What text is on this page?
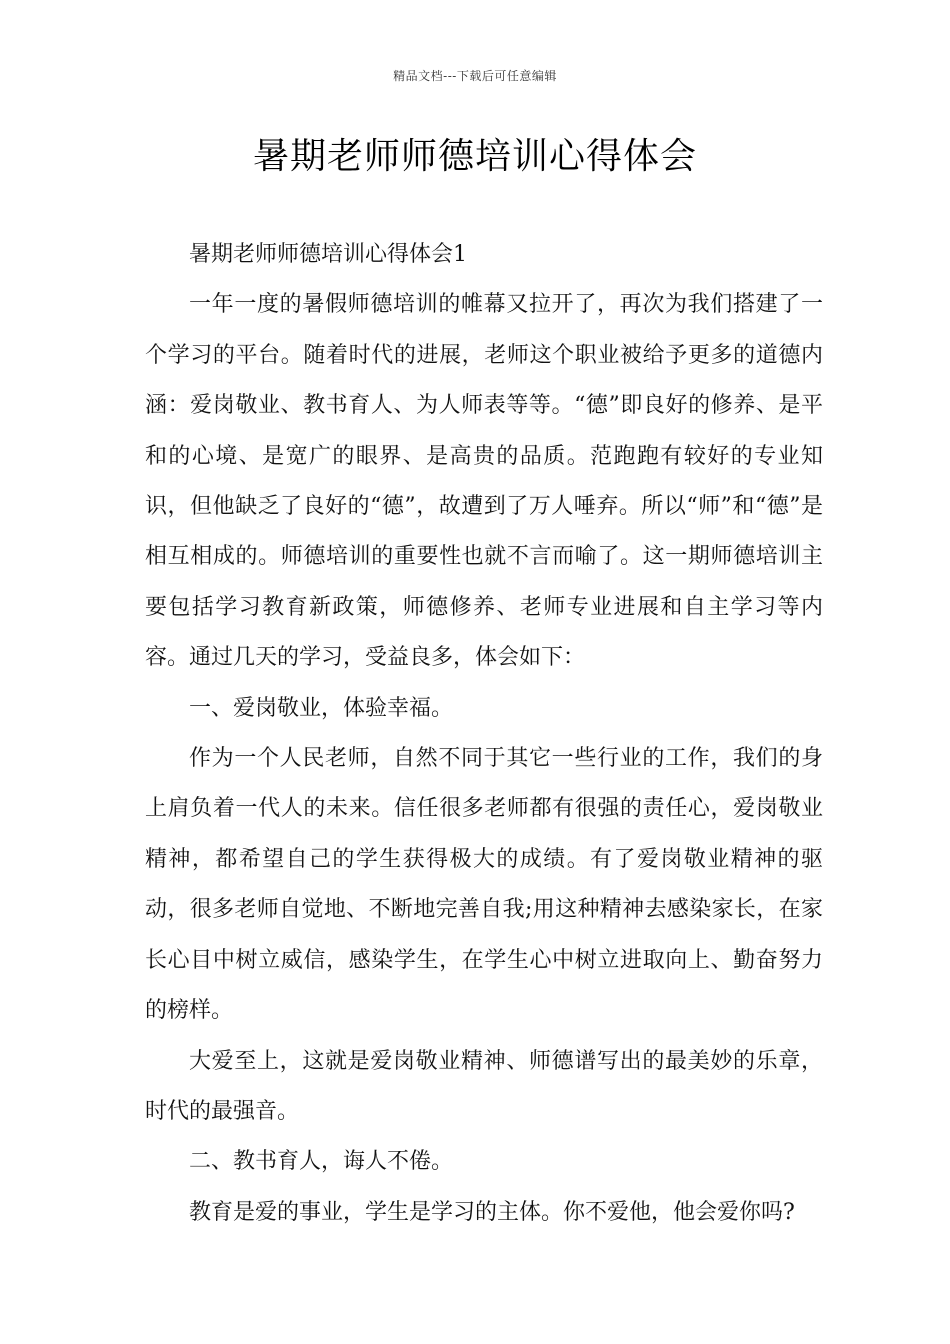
精品文档---下载后可任意编辑
暑期老师师德培训心得体会

暑期老师师德培训心得体会1

一年一度的暑假师德培训的帷幕又拉开了，再次为我们搭建了一个学习的平台。随着时代的进展，老师这个职业被给予更多的道德内涵：爱岗敬业、教书育人、为人师表等等。“德”即良好的修养、是平和的心境、是宽广的眼界、是高贵的品质。范跑跑有较好的专业知识，但他缺乏了良好的“德”，故遭到了万人唾弃。所以“师”和“德”是相互相成的。师德培训的重要性也就不言而喻了。这一期师德培训主要包括学习教育新政策，师德修养、老师专业进展和自主学习等内容。通过几天的学习，受益良多，体会如下：

一、爱岗敬业，体验幸福。

作为一个人民老师，自然不同于其它一些行业的工作，我们的身上肩负着一代人的未来。信任很多老师都有很强的责任心，爱岗敬业精神，都希望自己的学生获得极大的成绩。有了爱岗敬业精神的驱动，很多老师自觉地、不断地完善自我;用这种精神去感染家长，在家长心目中树立威信，感染学生，在学生心中树立进取向上、勤奋努力的榜样。

大爱至上，这就是爱岗敬业精神、师德谱写出的最美妙的乐章，时代的最强音。

二、教书育人，诲人不倦。

教育是爱的事业，学生是学习的主体。你不爱他，他会爱你吗?
